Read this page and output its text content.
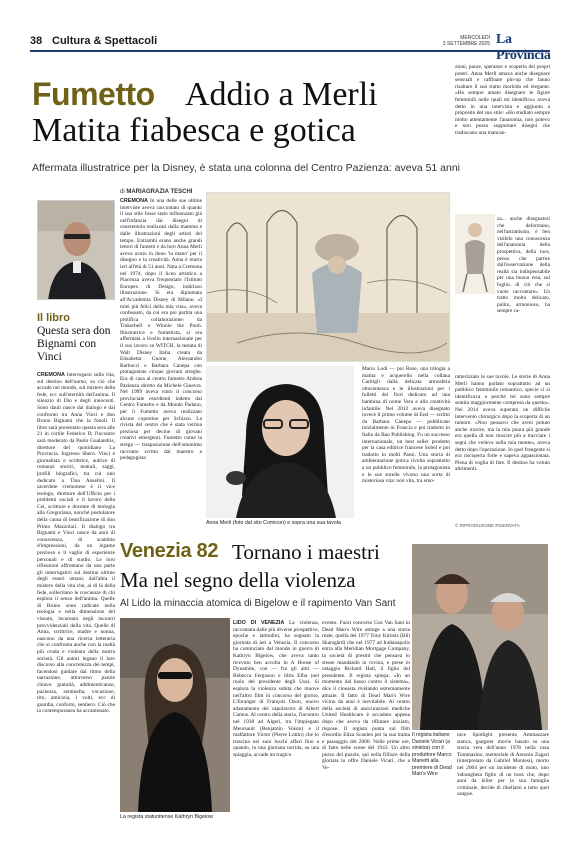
38 Cultura & Spettacoli	MERCOLEDÌ
3 SETTEMBRE 2025 La Provincia
Fumetto Addio a Merli
Matita fiabesca e gotica
Affermata illustratrice per la Disney, è stata una colonna del Centro Pazienza: aveva 51 anni
Il libro
Questa sera don Bignami con Vinci

CREMONA Interrogarsi sulla vita, sul destino dell'uomo, su ciò che accade nel mondo, sul mistero della fede, ecc sull'eternità dell'anima. Il silenzio di Dio e degli innocenti. Sono dauli nasce dal dialogo e dal confronto tra Anna Vinci e don Bruno Bignami che la fonoli. Il libro sarà presentato questa sera alle 21 in cortile Federico II; l'incontro sarà moderato da Paolo Gualandris, direttore del quotidiano La Provincia. Ingresso libero. Vinci è giornalista e scrittrice, autrice di romanzi storici, teatrali, saggi, profili biografici, tra cui uno dedicato a Tina Anselmi. Il sacerdote cremonese è il vice teologo, direttore dell'Ufficio per i problemi sociali e il lavoro della Cei, scrittore e docente di teologia alla Gregoriana, nonché postulatore della causa di beatificazione di don Primo Mazzolari. Il dialogo tra Bignami e Vinci nasce da anni di conoscenza, di scambio d'impressioni, da un legame prezioso e il vaglio di esperienze personali e di studio. Le loro riflessioni affrontano da una parte gli interrogativi sul destino ultimo degli esseri umani; dall'altra il mistero della vita che, al di là della fede, sollecitano le coscienze di chi esplora il senso dell'anima. Quelle di Bruno sono radicate nella teologia e nella dimensione del vissuto, incarnato negli incontri provvidenziali della vita. Quelle di Anna, scrittrice, madre e nonna, nascono da una ricerca letteraria che si confronta anche con la realtà più cruda e violenta della nostra società. Gli autori legano il loro discorso alla concretezza dei tempi, facendosi guidare dal ritmo della narrazione, attraverso parole chiave: gratuità, addimenticanze, pazienza, sentinella, vocazione, rito, amicizia, i volti, ecc di guardia, conforto, sentiero. Ciò che la contemporanea ha accantonato.

di MARIAGRAZIA TESCHI

CREMONA In una delle sue ultime interviste aveva raccontato di quanto il suo stile fosse stato influenzato già nell'infanzia dai disegni di cenerentola realizzati dalla mamma e dalle illustrazioni degli artisti del tempo. Entrambi erano anche grandi lettori di fumetti e da loro Anna Merli aveva avuto in dono 'la mano' per il disegno e la creatività. Anna è morta ieri all'età di 51 anni. Nata a Cremona nel 1974, dopo il liceo artistico a Piacenza aveva frequentato l'Istituto Europeo di Design, indirizzo illustrazione. Si era diplomata all'Accademia Disney di Milano. «I miei più felici della mia vita», aveva confessato, da cui era poi partita una prolifica collaborazione: da Tinkerbell e Winnie the Pooh. Illustratrice e fumettista, si era affermata a livello internazionale per il suo lavoro su WITCH, la testata di Walt Disney Italia creata da Elisabetta Gnone, Alessandro Barbucci e Barbara Canepa con protagoniste cinque giovani streghe. Era di casa al centro fumetto Andrea Pazienza diretto da Michele Ginevra. Nel 1999 aveva vinto il concorso provinciale esordienti indetto dal Centro Fumetto e da Mondo Padano, per il Fumetto aveva realizzato alcune copertine per Schizzo. La rivista del centro che è stata vetrina preziosa per decine di giovani creativi emergenti. Fumetto come la strega — trasposizione dell'omonimo racconto scritto dal maestro e pedagogista

Anna Merli (foto dal sito Comicon) e sopra una sua tavola
Mario Lodi — poi Rose, una trilogia a matita e acquerello nella collana Caritigli dalla delicata atmosfera ottocentesca e le illustrazioni per i folletti dei fiori dedicato ad una bambina di nome Vera e alla creatività infantile. Nel 2012 aveva disegnato invece il primo volume di End — scritto da Barbara Canepa — pubblicato inizialmente in Francia e poi tradotto in Italia da Bao Publishing. Fu un successo internazionale, un best seller prodotto per la casa editrice francese Soleil e poi tradotto in molti Paesi. Una storia di ambientazione gotica rivolta soprattutto a un pubblico femminile, la protagonista e le sue sorelle vivono una sorta di misteriosa vita: non vita, tra emo-
zioni, paure, speranze e scoperta dei propri poteri. Anna Merli amava anche disegnare sensuali e raffinate pin-up che fanno risaltare il suo tratto morbido ed elegante. «Ho sempre amato disegnare le figure femminili nelle quali mi identifico» aveva detto in una intervista e aggiunto a proposito del suo stile: «Ho studiato sempre molto attentamente l'anatomia, non potevo e non posso sopportare disegni che tradiscano una mancan-
za... anche disegnatori che deformano, nell'astrattismo, è ben visibile una conoscenza dell'anatomia della prospettiva, della luce, penso che partire dall'osservazione della realtà sia indispensabile per una buona resa, sul foglio, di ciò che si vuole raccontare». Un tratto molto delicato, pulito, armonioso, ha sempre ca-
ratterizzato le sue tavole. Le storie di Anna Merli hanno parlato soprattutto ad un pubblico femminile romantico, specie ci si identificava e perché mi sono sempre sentita maggiormente compresa da questo». Nel 2014 aveva superato un difficile intervento chirurgico dopo la scoperta di un tumore. «Non pensavo che avrei potuto anche morire, ma la mia paura più grande era quella di non riuscire più a tracciare i segni che vedevo nella mia mente», aveva detto dopo l'operazione. In quel frangente si era riscoperta forte e sapeva appassionata. Piena di voglia di fare. Il destino ha voluto altrimenti.
© RIPRODUZIONE RISERVATA
Venezia 82 Tornano i maestri
Ma nel segno della violenza
Al Lido la minaccia atomica di Bigelow e il rapimento Van Sant
La regista statunitense Kathryn Bigelow

LIDO DI VENEZIA La violenza, raccontata dalle più diverse prospettive, epoche e latitudini, ha segnato la giornata di ieri a Venezia. Il concorso ha cominciato dal mondo in guerra di Kathryn Bigelow, che aveva tanto ricevuto ben accolta in A House of Dynamite, con — fra gli altri — Rebecca Ferguson e Idris Elba (nel ruolo del presidente degli Usa). Si esplora la violenza subita che muove nell'altro film in concorso del giorno, L'Etranger di François Ozon, nuovo adattamento del capolavoro di Albert Camus. Al centro della storia, l'incontro nel 1938 ad Algeri, tra l'impiegato Meursault (Benjamin Voisin) e il malfattore Victor (Pierre Lottin) che lo trascina nei suoi loschi affari fino a quando, in una giornata torrida, su una spiaggia, accade un tragico

evento. Fuori concorso Gus Van Sant in Dead Man's Wire attinge a una storia reale, quella del 1977 Tony Kiritsis (Bill Skarsgård) che nel 1977 ad Indianapolis entra alla Meridian Mortgage Company, la società di prestiti che pensava lo stesse mandando in rovina, e prese in ostaggio Richard Hall, il figlio del presidente. Il regista spiega: «In un momento dal basso contro il sistema», dice il cineasta rivelando estremamente attuale. Il fatto di Dead Man's Wire vicino da anni è inevitabile. Al centro della società di assicurazioni mediche United Healthcare è accaduto appena dopo che aveva da rifiutare iniziato, rispose. Il regista punta sul film d'esordio Eliza Scanlen per la sua trama e passaggio del 2000. Nelle prime ore, di fatto nelle scene del 1943. Un altro pezzo del puzzle, qui nella fillisce della gloriata lo offre Daniele Vicari, che a Ve-
Il regista italiano Daniele Vicari (a sinistra) con il produttore Marco Manetti alla premiere di Dead Man's Wire
nice Spotlight presenta Ammazzare stanca, gangster movie basato su una storia vera dell'anno 1978 nella casa Tommasino, memoriale di Antonio Zagari (interpretato da Gabriel Montesi), morto nel 2004 per un incidente di moto, uno 'ndrangheta figlio di un boss che, dopo anni da killer per la sua famiglia criminale, decide di ribellarsi a tutto quel sangue.
